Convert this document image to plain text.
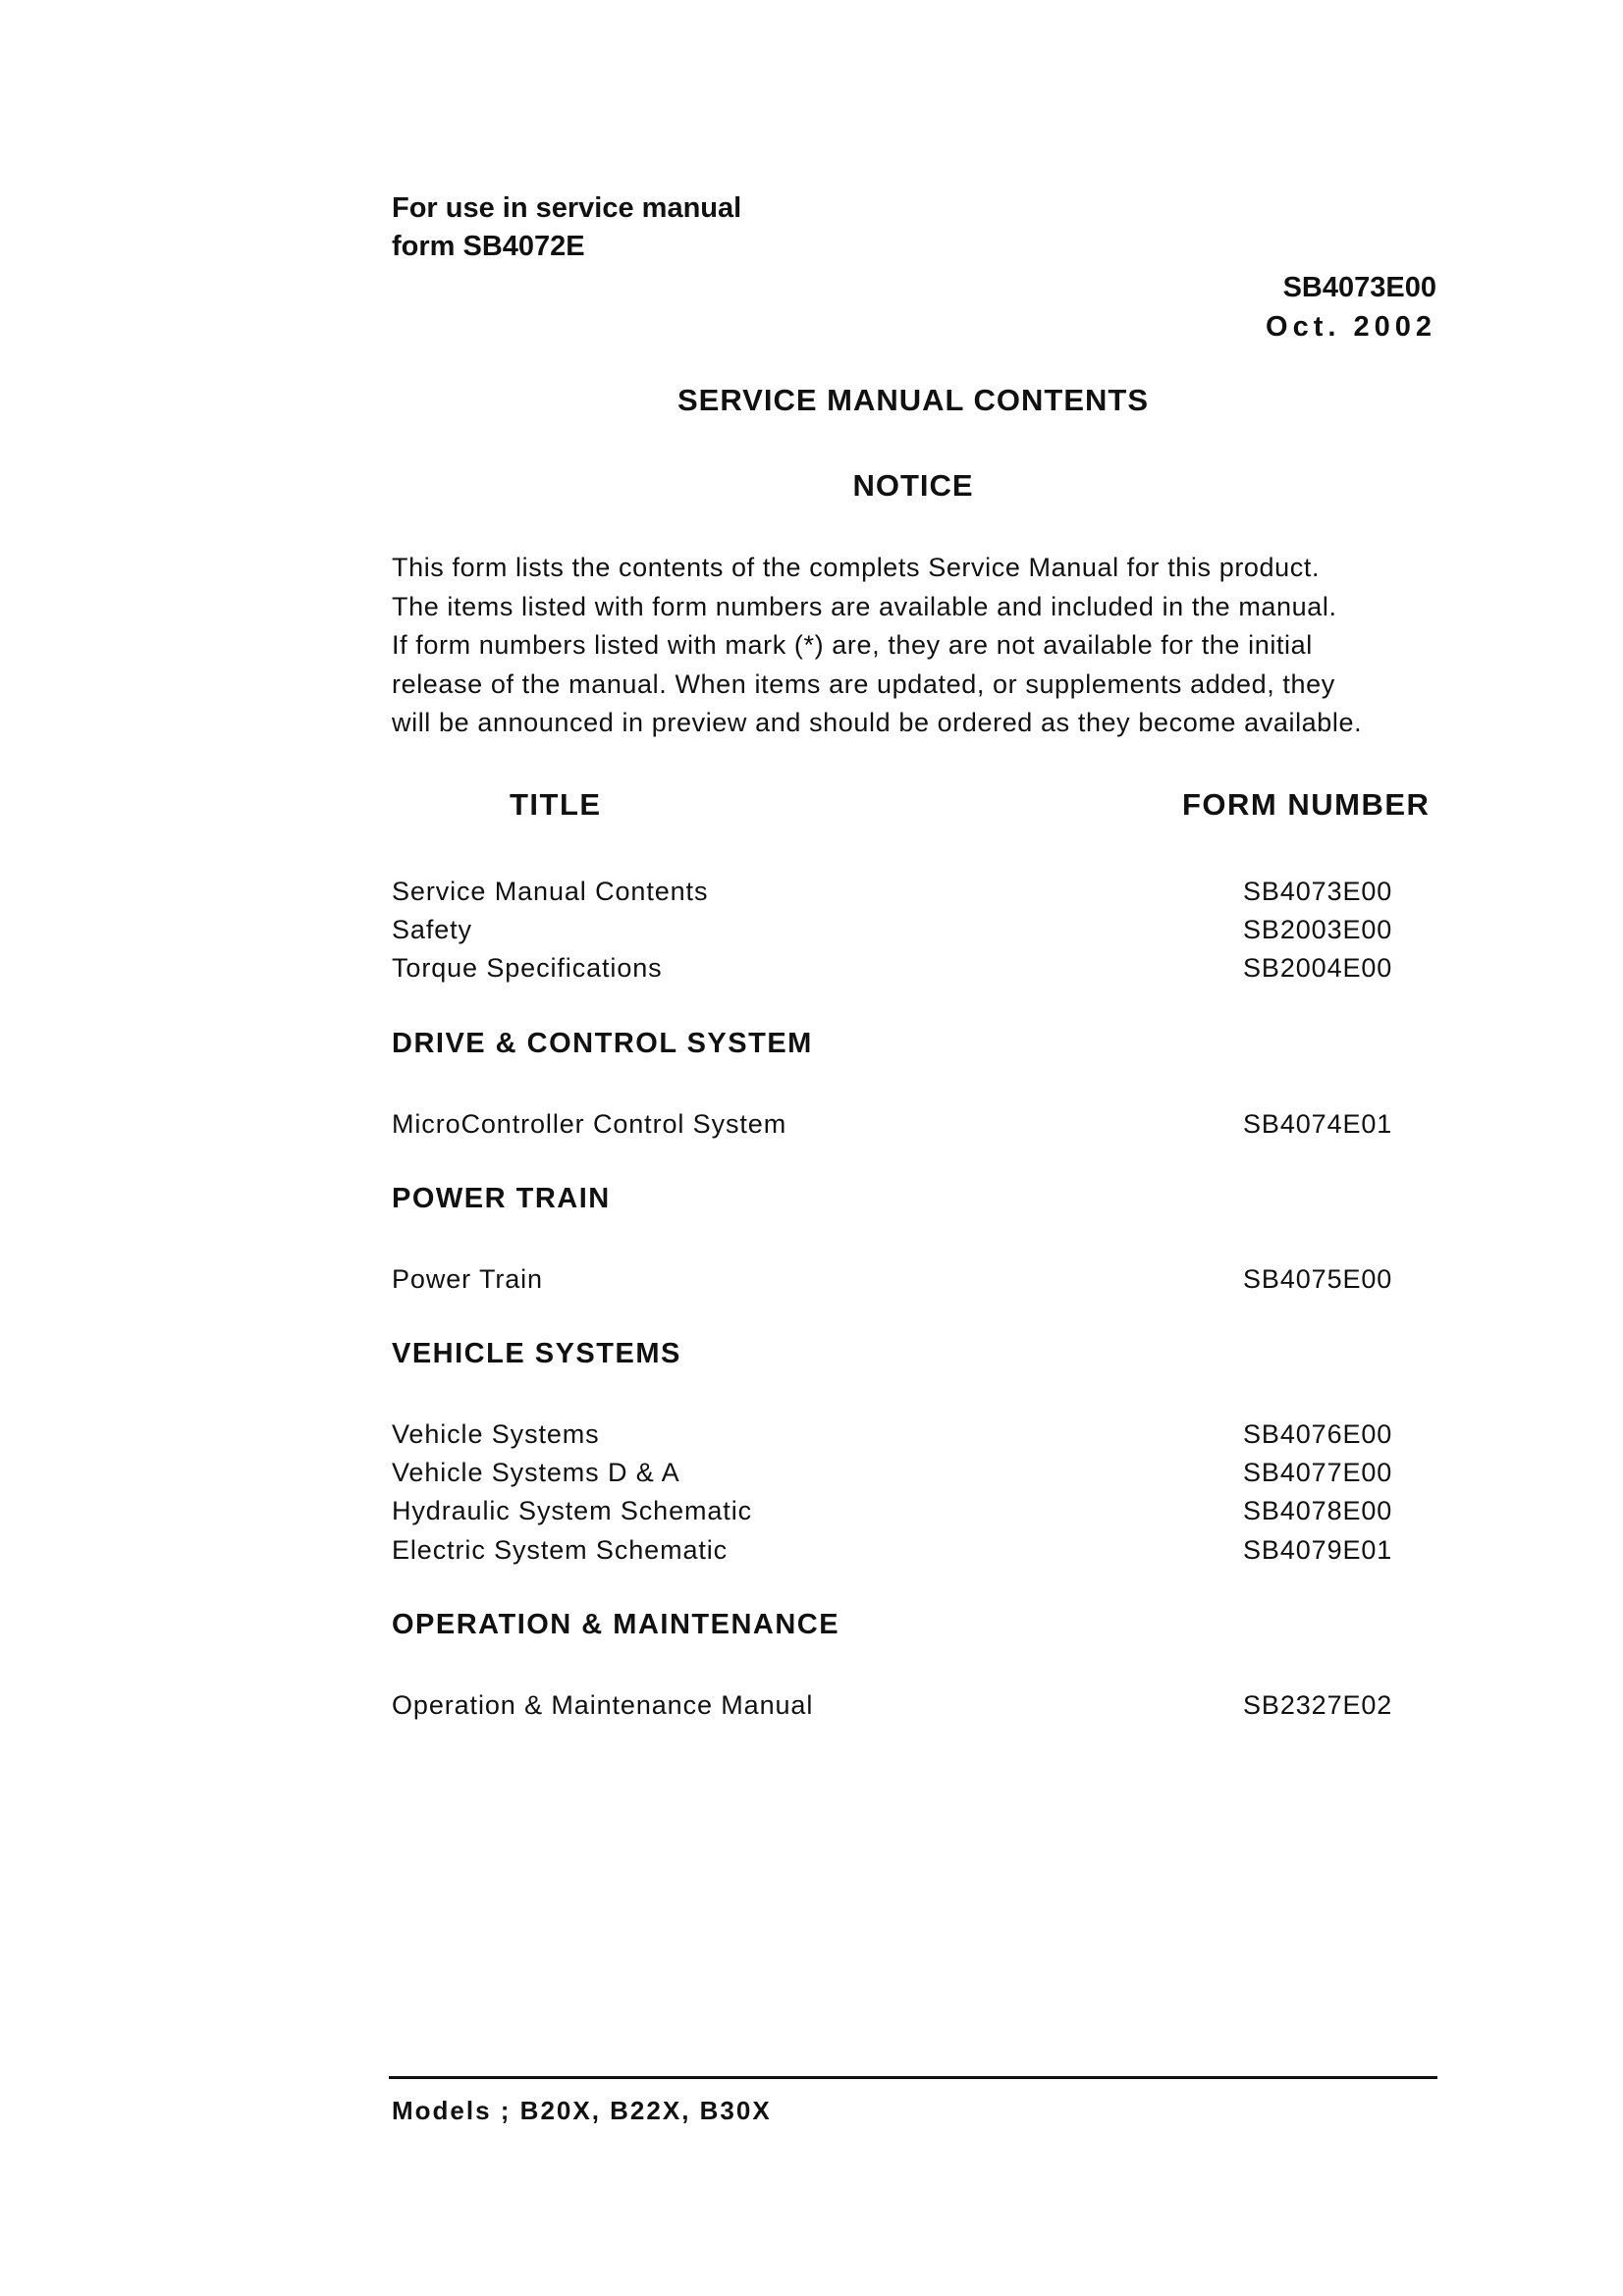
For use in service manual
form SB4072E
SB4073E00
Oct. 2002
SERVICE MANUAL CONTENTS
NOTICE
This form lists the contents of the complets Service Manual for this product.
The items listed with form numbers are available and included in the manual.
If form numbers listed with mark (*) are, they are not available for the initial
release of the manual. When items are updated, or supplements added, they
will be announced in preview and should be ordered as they become available.
TITLE	FORM NUMBER
Service Manual Contents	SB4073E00
Safety	SB2003E00
Torque Specifications	SB2004E00
DRIVE & CONTROL SYSTEM
MicroController Control System	SB4074E01
POWER TRAIN
Power Train	SB4075E00
VEHICLE SYSTEMS
Vehicle Systems	SB4076E00
Vehicle Systems D & A	SB4077E00
Hydraulic System Schematic	SB4078E00
Electric System Schematic	SB4079E01
OPERATION & MAINTENANCE
Operation & Maintenance Manual	SB2327E02
Models ; B20X, B22X, B30X
